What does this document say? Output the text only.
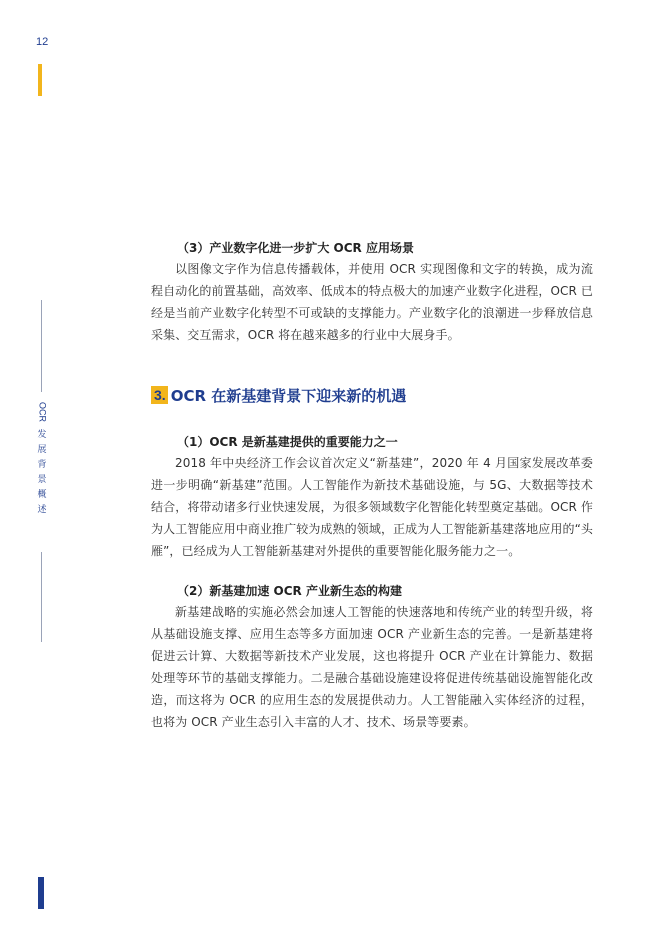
12
OCR
发
展
背
景
概
述

（3）产业数字化进一步扩大 OCR 应用场景

以图像文字作为信息传播载体，并使用 OCR 实现图像和文字的转换，成为流程自动化的前置基础，高效率、低成本的特点极大的加速产业数字化进程，OCR 已经是当前产业数字化转型不可或缺的支撑能力。产业数字化的浪潮进一步释放信息采集、交互需求，OCR 将在越来越多的行业中大展身手。

3. OCR 在新基建背景下迎来新的机遇

（1）OCR 是新基建提供的重要能力之一

2018 年中央经济工作会议首次定义“新基建”，2020 年 4 月国家发展改革委进一步明确“新基建”范围。人工智能作为新技术基础设施，与 5G、大数据等技术结合，将带动诸多行业快速发展，为很多领域数字化智能化转型奠定基础。OCR 作为人工智能应用中商业推广较为成熟的领域，正成为人工智能新基建落地应用的“头雁”，已经成为人工智能新基建对外提供的重要智能化服务能力之一。

（2）新基建加速 OCR 产业新生态的构建

新基建战略的实施必然会加速人工智能的快速落地和传统产业的转型升级，将从基础设施支撑、应用生态等多方面加速 OCR 产业新生态的完善。一是新基建将促进云计算、大数据等新技术产业发展，这也将提升 OCR 产业在计算能力、数据处理等环节的基础支撑能力。二是融合基础设施建设将促进传统基础设施智能化改造，而这将为 OCR 的应用生态的发展提供动力。人工智能融入实体经济的过程，也将为 OCR 产业生态引入丰富的人才、技术、场景等要素。
